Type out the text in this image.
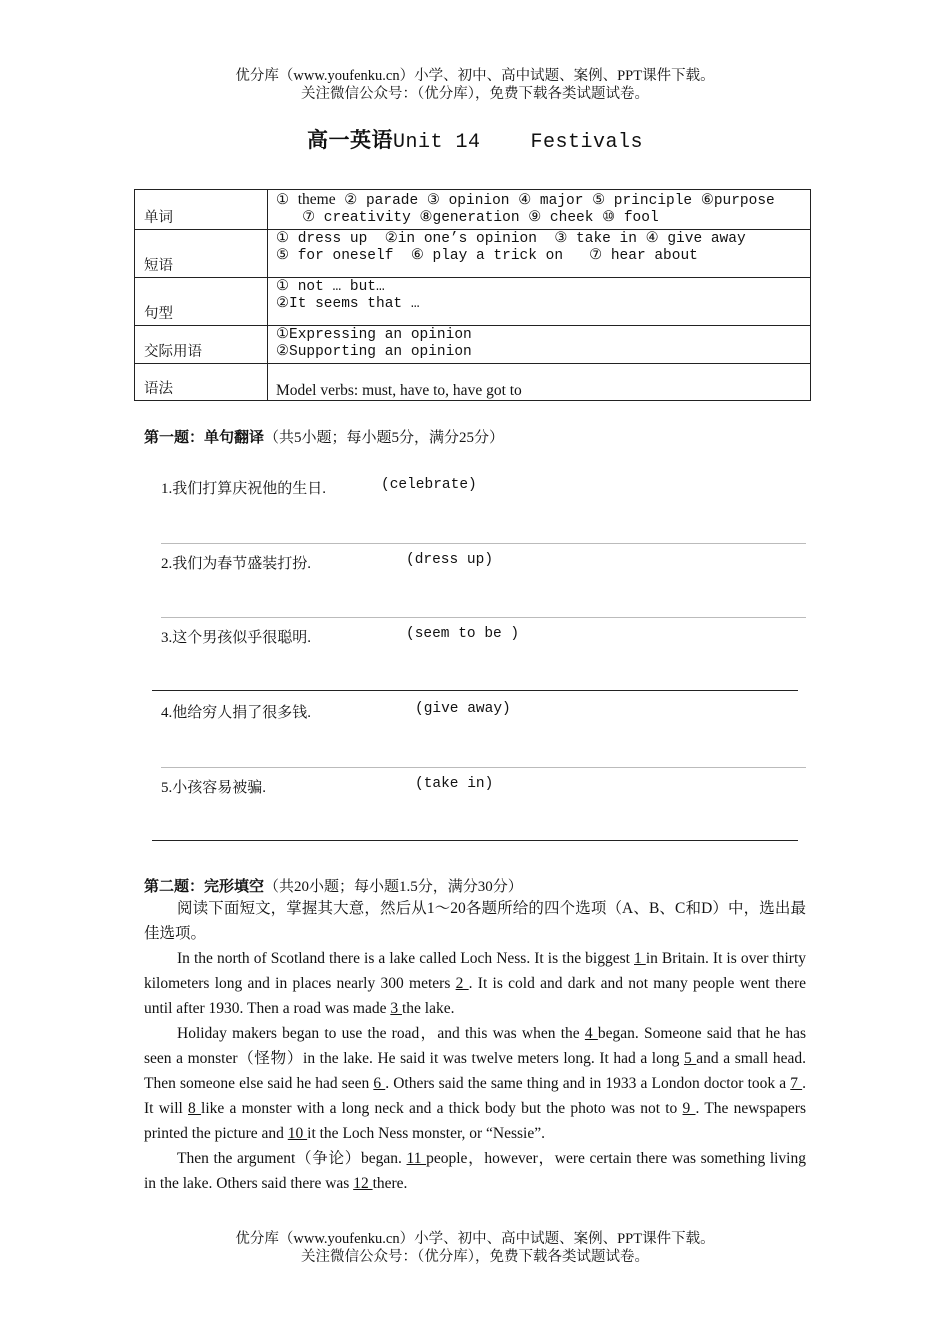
优分库（www.youfenku.cn）小学、初中、高中试题、案例、PPT课件下载。
关注微信公众号：（优分库），免费下载各类试题试卷。
高一英语Unit 14    Festivals
单词	① theme ② parade ③ opinion ④ major ⑤ principle ⑥purpose
⑦ creativity ⑧generation ⑨ cheek ⑩ fool

短语	① dress up  ②in one’s opinion  ③ take in ④ give away
⑤ for oneself  ⑥ play a trick on   ⑦ hear about

句型	① not … but…
②It seems that …

交际用语	①Expressing an opinion
②Supporting an opinion

语法	Model verbs: must, have to, have got to
第一题：单句翻译（共5小题；每小题5分，满分25分）
1.我们打算庆祝他的生日.	(celebrate)
2.我们为春节盛装打扮.	(dress up)
3.这个男孩似乎很聪明.	(seem to be )
4.他给穷人捐了很多钱.	(give away)
5.小孩容易被骗.	(take in)
第二题：完形填空（共20小题；每小题1.5分，满分30分）

阅读下面短文，掌握其大意，然后从1～20各题所给的四个选项（A、B、C和D）中，选出最佳选项。

In the north of Scotland there is a lake called Loch Ness. It is the biggest 1 in Britain. It is over thirty kilometers long and in places nearly 300 meters 2 . It is cold and dark and not many people went there until after 1930. Then a road was made 3 the lake.

Holiday makers began to use the road，and this was when the 4 began. Someone said that he has seen a monster（怪物）in the lake. He said it was twelve meters long. It had a long 5 and a small head. Then someone else said he had seen 6 . Others said the same thing and in 1933 a London doctor took a 7 . It will 8 like a monster with a long neck and a thick body but the photo was not to 9 . The newspapers printed the picture and 10 it the Loch Ness monster, or “Nessie”.

Then the argument（争论）began. 11 people，however，were certain there was something living in the lake. Others said there was 12 there.

优分库（www.youfenku.cn）小学、初中、高中试题、案例、PPT课件下载。
关注微信公众号：（优分库），免费下载各类试题试卷。
